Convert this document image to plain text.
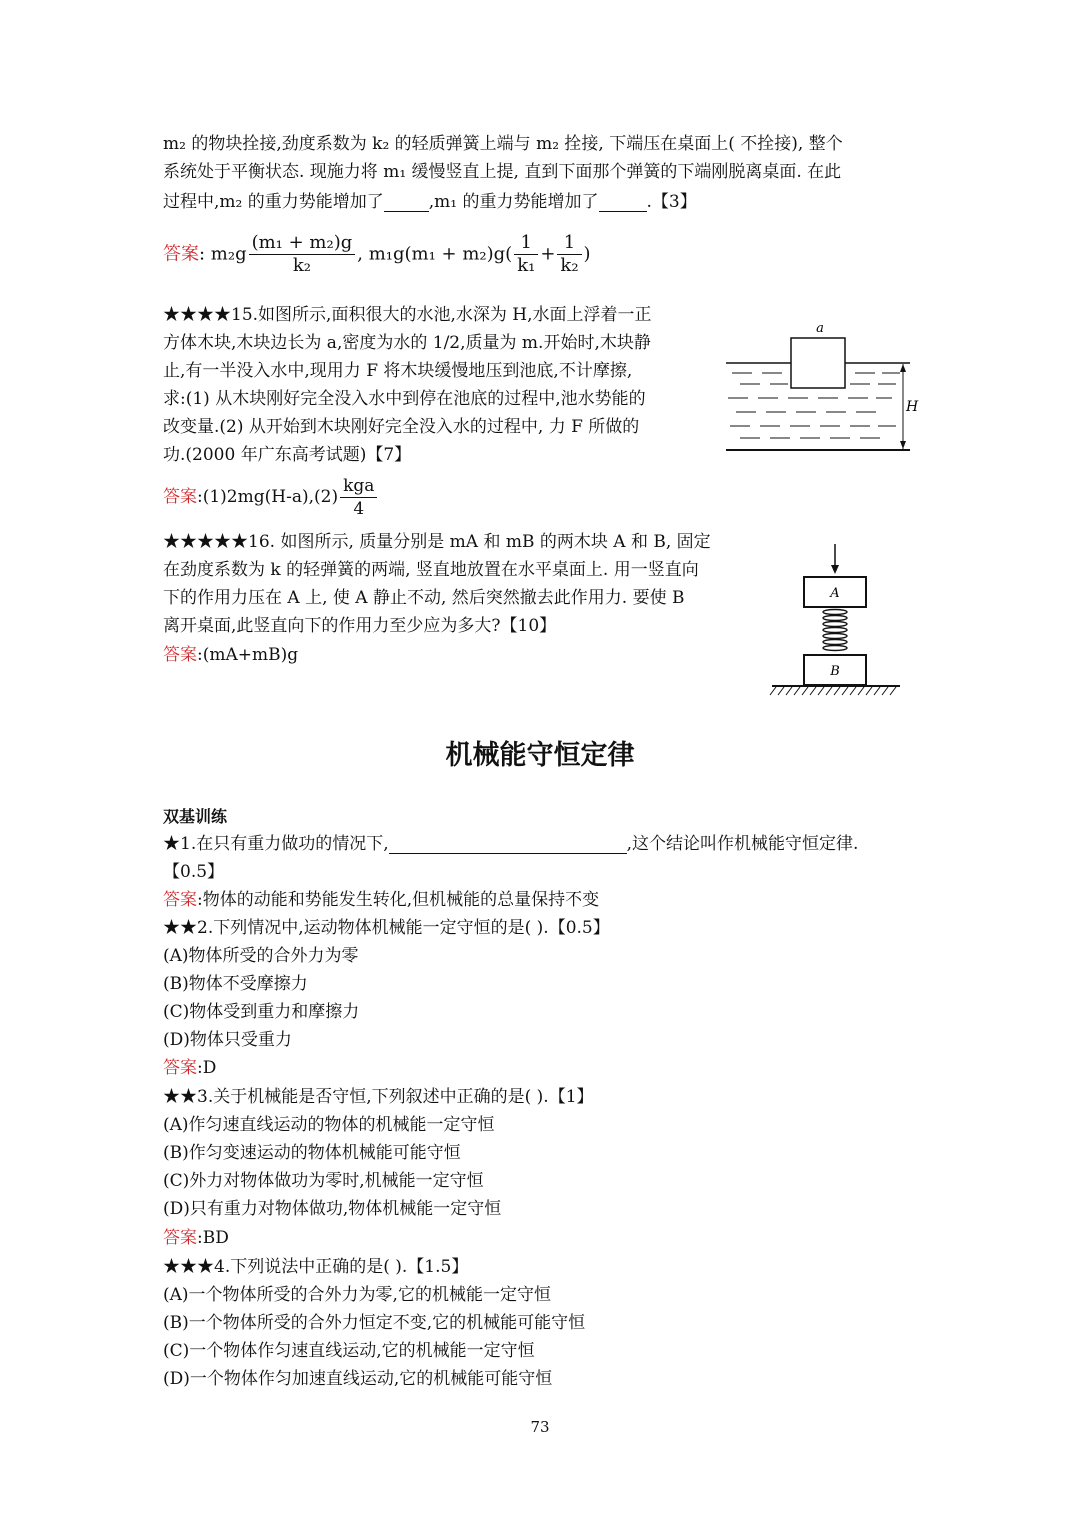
m₂ 的物块拴接,劲度系数为 k₂ 的轻质弹簧上端与 m₂ 拴接, 下端压在桌面上( 不拴接), 整个
系统处于平衡状态. 现施力将 m₁ 缓慢竖直上提, 直到下面那个弹簧的下端刚脱离桌面. 在此
过程中,m₂ 的重力势能增加了	,m₁ 的重力势能增加了	.【3】
答案: $m_2g \frac{\text{(m₁ + m₂)g}}{\text{k₂}}$ , $m_1g(m_1 + m_2)g( \frac{1}{\text{k₁}} + \frac{1}{\text{k₂}}$ )
★★★★15.如图所示,面积很大的水池,水深为 H,水面上浮着一正
方体木块,木块边长为 a,密度为水的 1/2,质量为 m.开始时,木块静
止,有一半没入水中,现用力 F 将木块缓慢地压到池底,不计摩擦,
求:(1) 从木块刚好完全没入水中到停在池底的过程中,池水势能的
改变量.(2) 从开始到木块刚好完全没入水的过程中, 力 F 所做的
功.(2000 年广东高考试题)【7】
答案:(1)2mg(H-a),(2) $\frac{\text{kga}}{4}$
a
H
★★★★★16. 如图所示, 质量分别是 mA 和 mB 的两木块 A 和 B, 固定
在劲度系数为 k 的轻弹簧的两端, 竖直地放置在水平桌面上. 用一竖直向
下的作用力压在 A 上, 使 A 静止不动, 然后突然撤去此作用力. 要使 B
离开桌面,此竖直向下的作用力至少应为多大?【10】
答案:(mA+mB)g
A
B
机械能守恒定律
双基训练
★1.在只有重力做功的情况下,	,这个结论叫作机械能守恒定律.
【0.5】
答案:物体的动能和势能发生转化,但机械能的总量保持不变
★★2.下列情况中,运动物体机械能一定守恒的是( ).【0.5】
(A)物体所受的合外力为零
(B)物体不受摩擦力
(C)物体受到重力和摩擦力
(D)物体只受重力
答案:D
★★3.关于机械能是否守恒,下列叙述中正确的是( ).【1】
(A)作匀速直线运动的物体的机械能一定守恒
(B)作匀变速运动的物体机械能可能守恒
(C)外力对物体做功为零时,机械能一定守恒
(D)只有重力对物体做功,物体机械能一定守恒
答案:BD
★★★4.下列说法中正确的是( ).【1.5】
(A)一个物体所受的合外力为零,它的机械能一定守恒
(B)一个物体所受的合外力恒定不变,它的机械能可能守恒
(C)一个物体作匀速直线运动,它的机械能一定守恒
(D)一个物体作匀加速直线运动,它的机械能可能守恒
73
